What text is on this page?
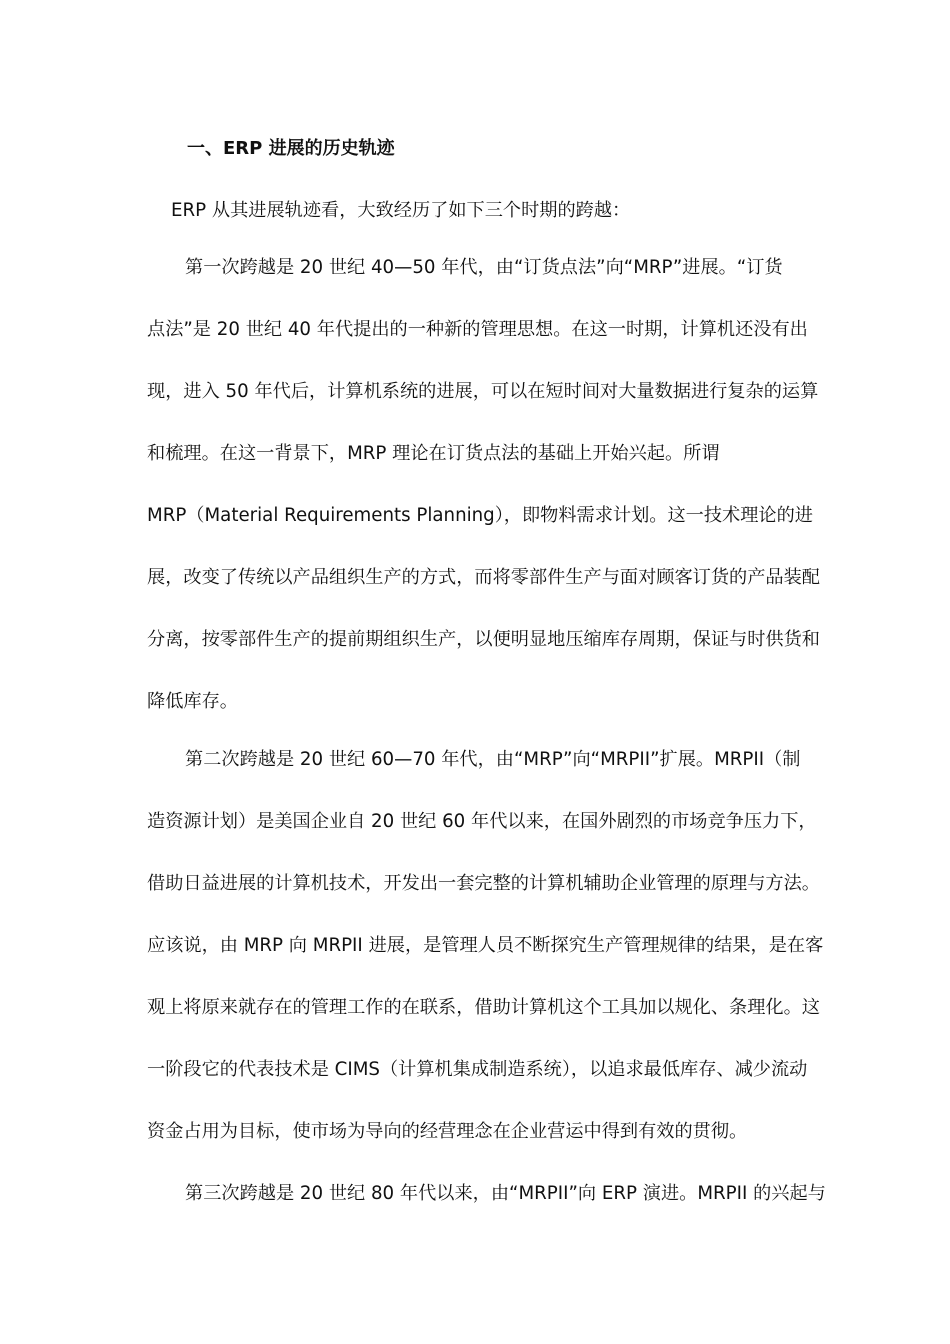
一、ERP 进展的历史轨迹
ERP 从其进展轨迹看，大致经历了如下三个时期的跨越：
第一次跨越是 20 世纪 40—50 年代，由“订货点法”向“MRP”进展。“订货
点法”是 20 世纪 40 年代提出的一种新的管理思想。在这一时期，计算机还没有出
现，进入 50 年代后，计算机系统的进展，可以在短时间对大量数据进行复杂的运算
和梳理。在这一背景下，MRP 理论在订货点法的基础上开始兴起。所谓
MRP（Material Requirements Planning），即物料需求计划。这一技术理论的进
展，改变了传统以产品组织生产的方式，而将零部件生产与面对顾客订货的产品装配
分离，按零部件生产的提前期组织生产，以便明显地压缩库存周期，保证与时供货和
降低库存。
第二次跨越是 20 世纪 60—70 年代，由“MRP”向“MRPII”扩展。MRPII（制
造资源计划）是美国企业自 20 世纪 60 年代以来，在国外剧烈的市场竞争压力下，
借助日益进展的计算机技术，开发出一套完整的计算机辅助企业管理的原理与方法。
应该说，由 MRP 向 MRPII 进展，是管理人员不断探究生产管理规律的结果，是在客
观上将原来就存在的管理工作的在联系，借助计算机这个工具加以规化、条理化。这
一阶段它的代表技术是 CIMS（计算机集成制造系统），以追求最低库存、减少流动
资金占用为目标，使市场为导向的经营理念在企业营运中得到有效的贯彻。
第三次跨越是 20 世纪 80 年代以来，由“MRPII”向 ERP 演进。MRPII 的兴起与
